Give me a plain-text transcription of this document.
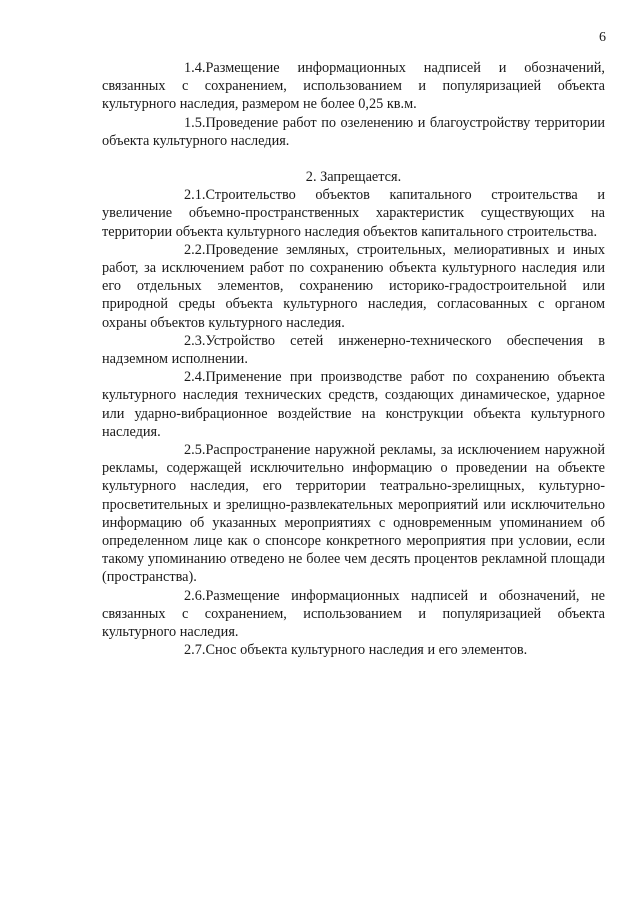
6

1.4.Размещение информационных надписей и обозначений, связанных с сохранением, использованием и популяризацией объекта культурного наследия, размером не более 0,25 кв.м.

1.5.Проведение работ по озеленению и благоустройству территории объекта культурного наследия.

2. Запрещается.

2.1.Строительство объектов капитального строительства и увеличение объемно-пространственных характеристик существующих на территории объекта культурного наследия объектов капитального строительства.

2.2.Проведение земляных, строительных, мелиоративных и иных работ, за исключением работ по сохранению объекта культурного наследия или его отдельных элементов, сохранению историко-градостроительной или природной среды объекта культурного наследия, согласованных с органом охраны объектов культурного наследия.

2.3.Устройство сетей инженерно-технического обеспечения в надземном исполнении.

2.4.Применение при производстве работ по сохранению объекта культурного наследия технических средств, создающих динамическое, ударное или ударно-вибрационное воздействие на конструкции объекта культурного наследия.

2.5.Распространение наружной рекламы, за исключением наружной рекламы, содержащей исключительно информацию о проведении на объекте культурного наследия, его территории театрально-зрелищных, культурно-просветительных и зрелищно-развлекательных мероприятий или исключительно информацию об указанных мероприятиях с одновременным упоминанием об определенном лице как о спонсоре конкретного мероприятия при условии, если такому упоминанию отведено не более чем десять процентов рекламной площади (пространства).

2.6.Размещение информационных надписей и обозначений, не связанных с сохранением, использованием и популяризацией объекта культурного наследия.

2.7.Снос объекта культурного наследия и его элементов.
